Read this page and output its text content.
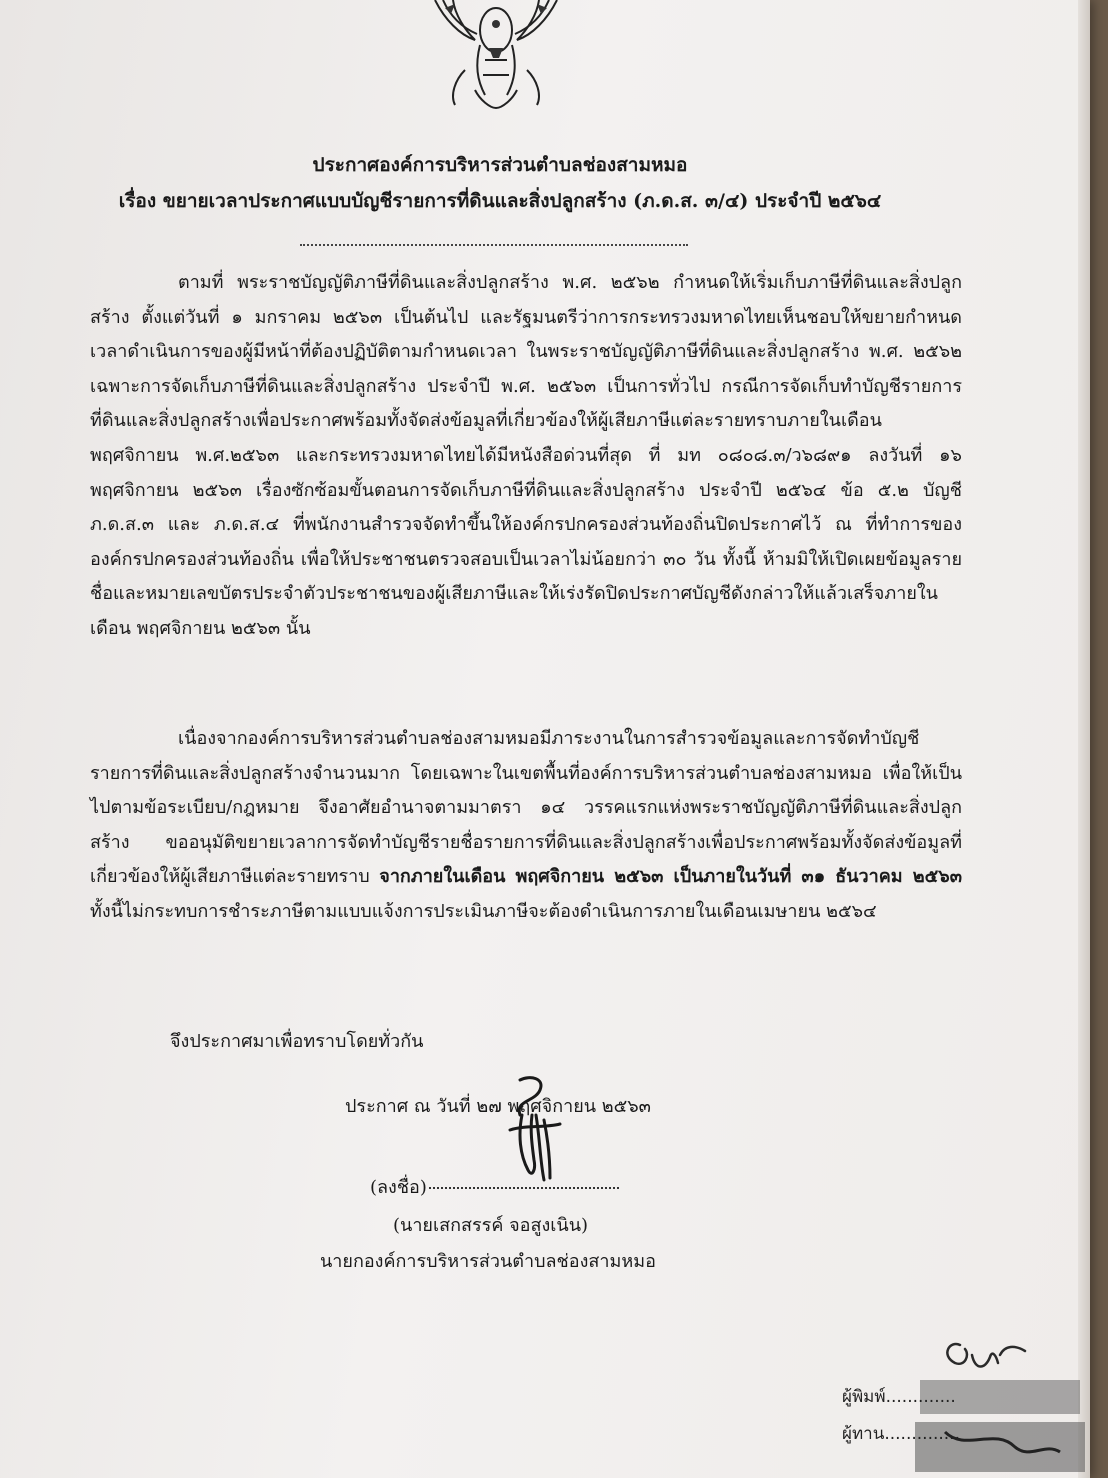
ประกาศองค์การบริหารส่วนตำบลช่องสามหมอ
เรื่อง ขยายเวลาประกาศแบบบัญชีรายการที่ดินและสิ่งปลูกสร้าง (ภ.ด.ส. ๓/๔) ประจำปี ๒๕๖๔

ตามที่ พระราชบัญญัติภาษีที่ดินและสิ่งปลูกสร้าง พ.ศ. ๒๕๖๒ กำหนดให้เริ่มเก็บภาษีที่ดินและสิ่งปลูกสร้าง ตั้งแต่วันที่ ๑ มกราคม ๒๕๖๓ เป็นต้นไป และรัฐมนตรีว่าการกระทรวงมหาดไทยเห็นชอบให้ขยายกำหนดเวลาดำเนินการของผู้มีหน้าที่ต้องปฏิบัติตามกำหนดเวลา ในพระราชบัญญัติภาษีที่ดินและสิ่งปลูกสร้าง พ.ศ. ๒๕๖๒ เฉพาะการจัดเก็บภาษีที่ดินและสิ่งปลูกสร้าง ประจำปี พ.ศ. ๒๕๖๓ เป็นการทั่วไป กรณีการจัดเก็บทำบัญชีรายการที่ดินและสิ่งปลูกสร้างเพื่อประกาศพร้อมทั้งจัดส่งข้อมูลที่เกี่ยวข้องให้ผู้เสียภาษีแต่ละรายทราบภายในเดือน พฤศจิกายน พ.ศ.๒๕๖๓ และกระทรวงมหาดไทยได้มีหนังสือด่วนที่สุด ที่ มท ๐๘๐๘.๓/ว๖๘๙๑ ลงวันที่ ๑๖ พฤศจิกายน ๒๕๖๓ เรื่องซักซ้อมขั้นตอนการจัดเก็บภาษีที่ดินและสิ่งปลูกสร้าง ประจำปี ๒๕๖๔ ข้อ ๕.๒ บัญชี ภ.ด.ส.๓ และ ภ.ด.ส.๔ ที่พนักงานสำรวจจัดทำขึ้นให้องค์กรปกครองส่วนท้องถิ่นปิดประกาศไว้ ณ ที่ทำการขององค์กรปกครองส่วนท้องถิ่น เพื่อให้ประชาชนตรวจสอบเป็นเวลาไม่น้อยกว่า ๓๐ วัน ทั้งนี้ ห้ามมิให้เปิดเผยข้อมูลรายชื่อและหมายเลขบัตรประจำตัวประชาชนของผู้เสียภาษีและให้เร่งรัดปิดประกาศบัญชีดังกล่าวให้แล้วเสร็จภายในเดือน พฤศจิกายน ๒๕๖๓ นั้น

เนื่องจากองค์การบริหารส่วนตำบลช่องสามหมอมีภาระงานในการสำรวจข้อมูลและการจัดทำบัญชีรายการที่ดินและสิ่งปลูกสร้างจำนวนมาก โดยเฉพาะในเขตพื้นที่องค์การบริหารส่วนตำบลช่องสามหมอ เพื่อให้เป็นไปตามข้อระเบียบ/กฎหมาย จึงอาศัยอำนาจตามมาตรา ๑๔ วรรคแรกแห่งพระราชบัญญัติภาษีที่ดินและสิ่งปลูกสร้าง ขออนุมัติขยายเวลาการจัดทำบัญชีรายชื่อรายการที่ดินและสิ่งปลูกสร้างเพื่อประกาศพร้อมทั้งจัดส่งข้อมูลที่เกี่ยวข้องให้ผู้เสียภาษีแต่ละรายทราบ จากภายในเดือน พฤศจิกายน ๒๕๖๓ เป็นภายในวันที่ ๓๑ ธันวาคม ๒๕๖๓ ทั้งนี้ไม่กระทบการชำระภาษีตามแบบแจ้งการประเมินภาษีจะต้องดำเนินการภายในเดือนเมษายน ๒๕๖๔

จึงประกาศมาเพื่อทราบโดยทั่วกัน
ประกาศ ณ วันที่ ๒๗ พฤศจิกายน ๒๕๖๓
(ลงชื่อ)
(นายเสกสรรค์ จอสูงเนิน)
นายกองค์การบริหารส่วนตำบลช่องสามหมอ
ผู้พิมพ์.............
ผู้ทาน..............
